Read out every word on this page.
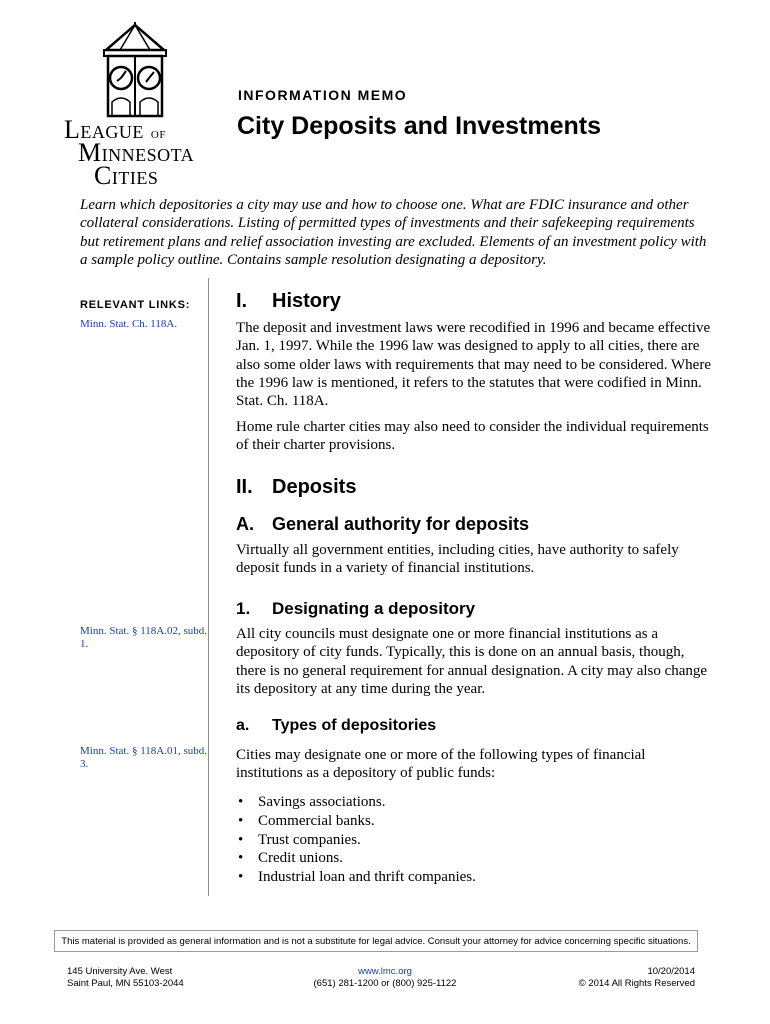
League of
Minnesota
Cities
INFORMATION MEMO
City Deposits and Investments

Learn which depositories a city may use and how to choose one. What are FDIC insurance and other collateral considerations. Listing of permitted types of investments and their safekeeping requirements but retirement plans and relief association investing are excluded. Elements of an investment policy with a sample policy outline. Contains sample resolution designating a depository.

RELEVANT LINKS:
Minn. Stat. Ch. 118A.
Minn. Stat. § 118A.02, subd. 1.
Minn. Stat. § 118A.01, subd. 3.
I. History

The deposit and investment laws were recodified in 1996 and became effective Jan. 1, 1997. While the 1996 law was designed to apply to all cities, there are also some older laws with requirements that may need to be considered. Where the 1996 law is mentioned, it refers to the statutes that were codified in Minn. Stat. Ch. 118A.

Home rule charter cities may also need to consider the individual requirements of their charter provisions.

II. Deposits
A. General authority for deposits

Virtually all government entities, including cities, have authority to safely deposit funds in a variety of financial institutions.

1. Designating a depository

All city councils must designate one or more financial institutions as a depository of city funds. Typically, this is done on an annual basis, though, there is no general requirement for annual designation. A city may also change its depository at any time during the year.

a. Types of depositories

Cities may designate one or more of the following types of financial institutions as a depository of public funds:

• Savings associations.
• Commercial banks.
• Trust companies.
• Credit unions.
• Industrial loan and thrift companies.
This material is provided as general information and is not a substitute for legal advice. Consult your attorney for advice concerning specific situations.
145 University Ave. West
Saint Paul, MN 55103-2044
www.lmc.org
(651) 281-1200 or (800) 925-1122
10/20/2014
© 2014 All Rights Reserved
